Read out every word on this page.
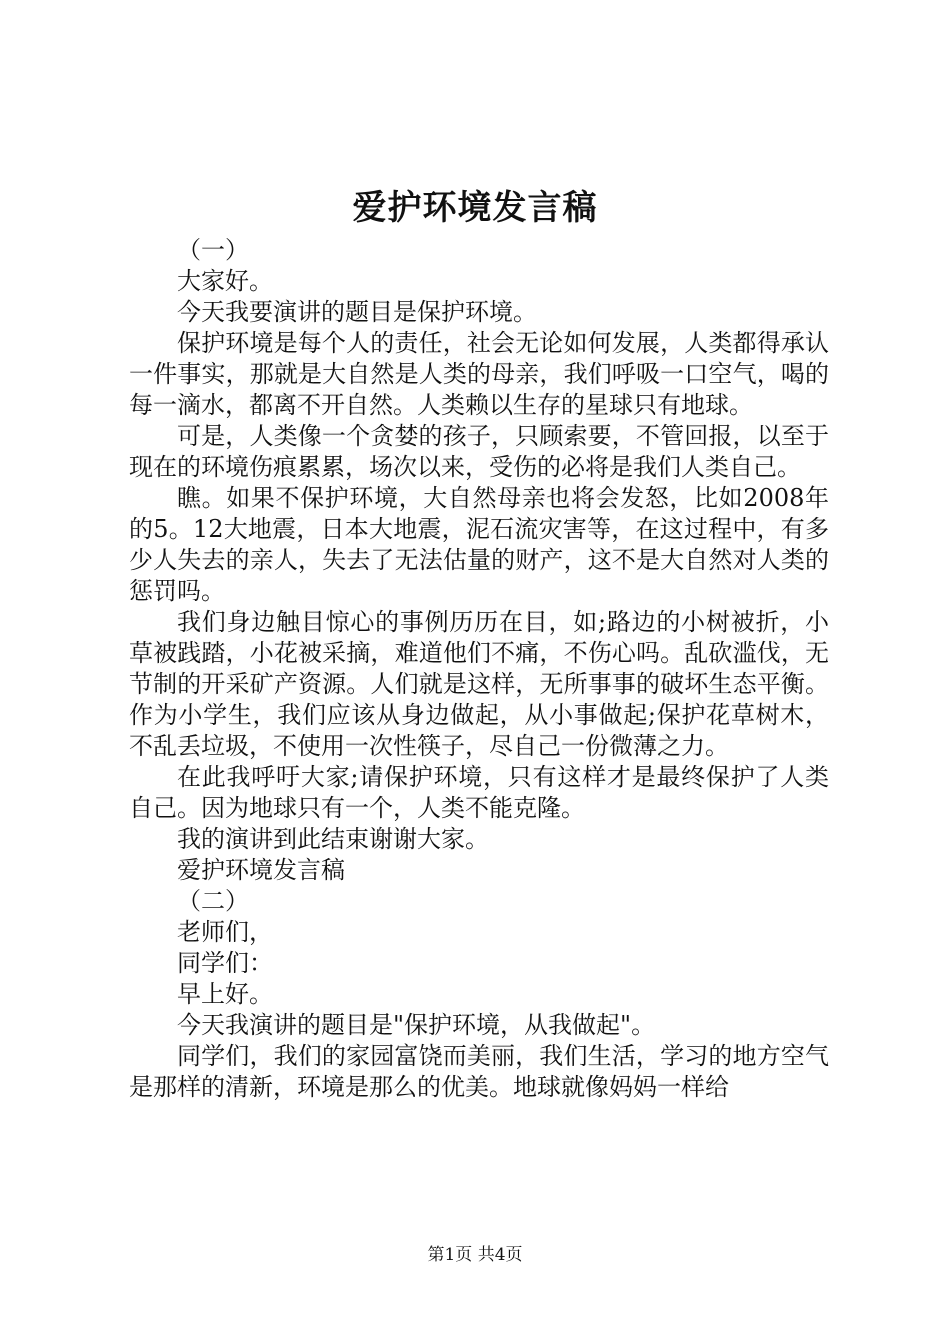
爱护环境发言稿

（一）

大家好。

今天我要演讲的题目是保护环境。

保护环境是每个人的责任，社会无论如何发展，人类都得承认一件事实，那就是大自然是人类的母亲，我们呼吸一口空气，喝的每一滴水，都离不开自然。人类赖以生存的星球只有地球。

可是，人类像一个贪婪的孩子，只顾索要，不管回报，以至于现在的环境伤痕累累，场次以来，受伤的必将是我们人类自己。

瞧。如果不保护环境，大自然母亲也将会发怒，比如2008年的5。12大地震，日本大地震，泥石流灾害等，在这过程中，有多少人失去的亲人，失去了无法估量的财产，这不是大自然对人类的惩罚吗。

我们身边触目惊心的事例历历在目，如;路边的小树被折，小草被践踏，小花被采摘，难道他们不痛，不伤心吗。乱砍滥伐，无节制的开采矿产资源。人们就是这样，无所事事的破坏生态平衡。作为小学生，我们应该从身边做起，从小事做起;保护花草树木，不乱丢垃圾，不使用一次性筷子，尽自己一份微薄之力。

在此我呼吁大家;请保护环境，只有这样才是最终保护了人类自己。因为地球只有一个，人类不能克隆。

我的演讲到此结束谢谢大家。

爱护环境发言稿

（二）

老师们，

同学们：

早上好。

今天我演讲的题目是"保护环境，从我做起"。

同学们，我们的家园富饶而美丽，我们生活，学习的地方空气是那样的清新，环境是那么的优美。地球就像妈妈一样给

第1页 共4页
